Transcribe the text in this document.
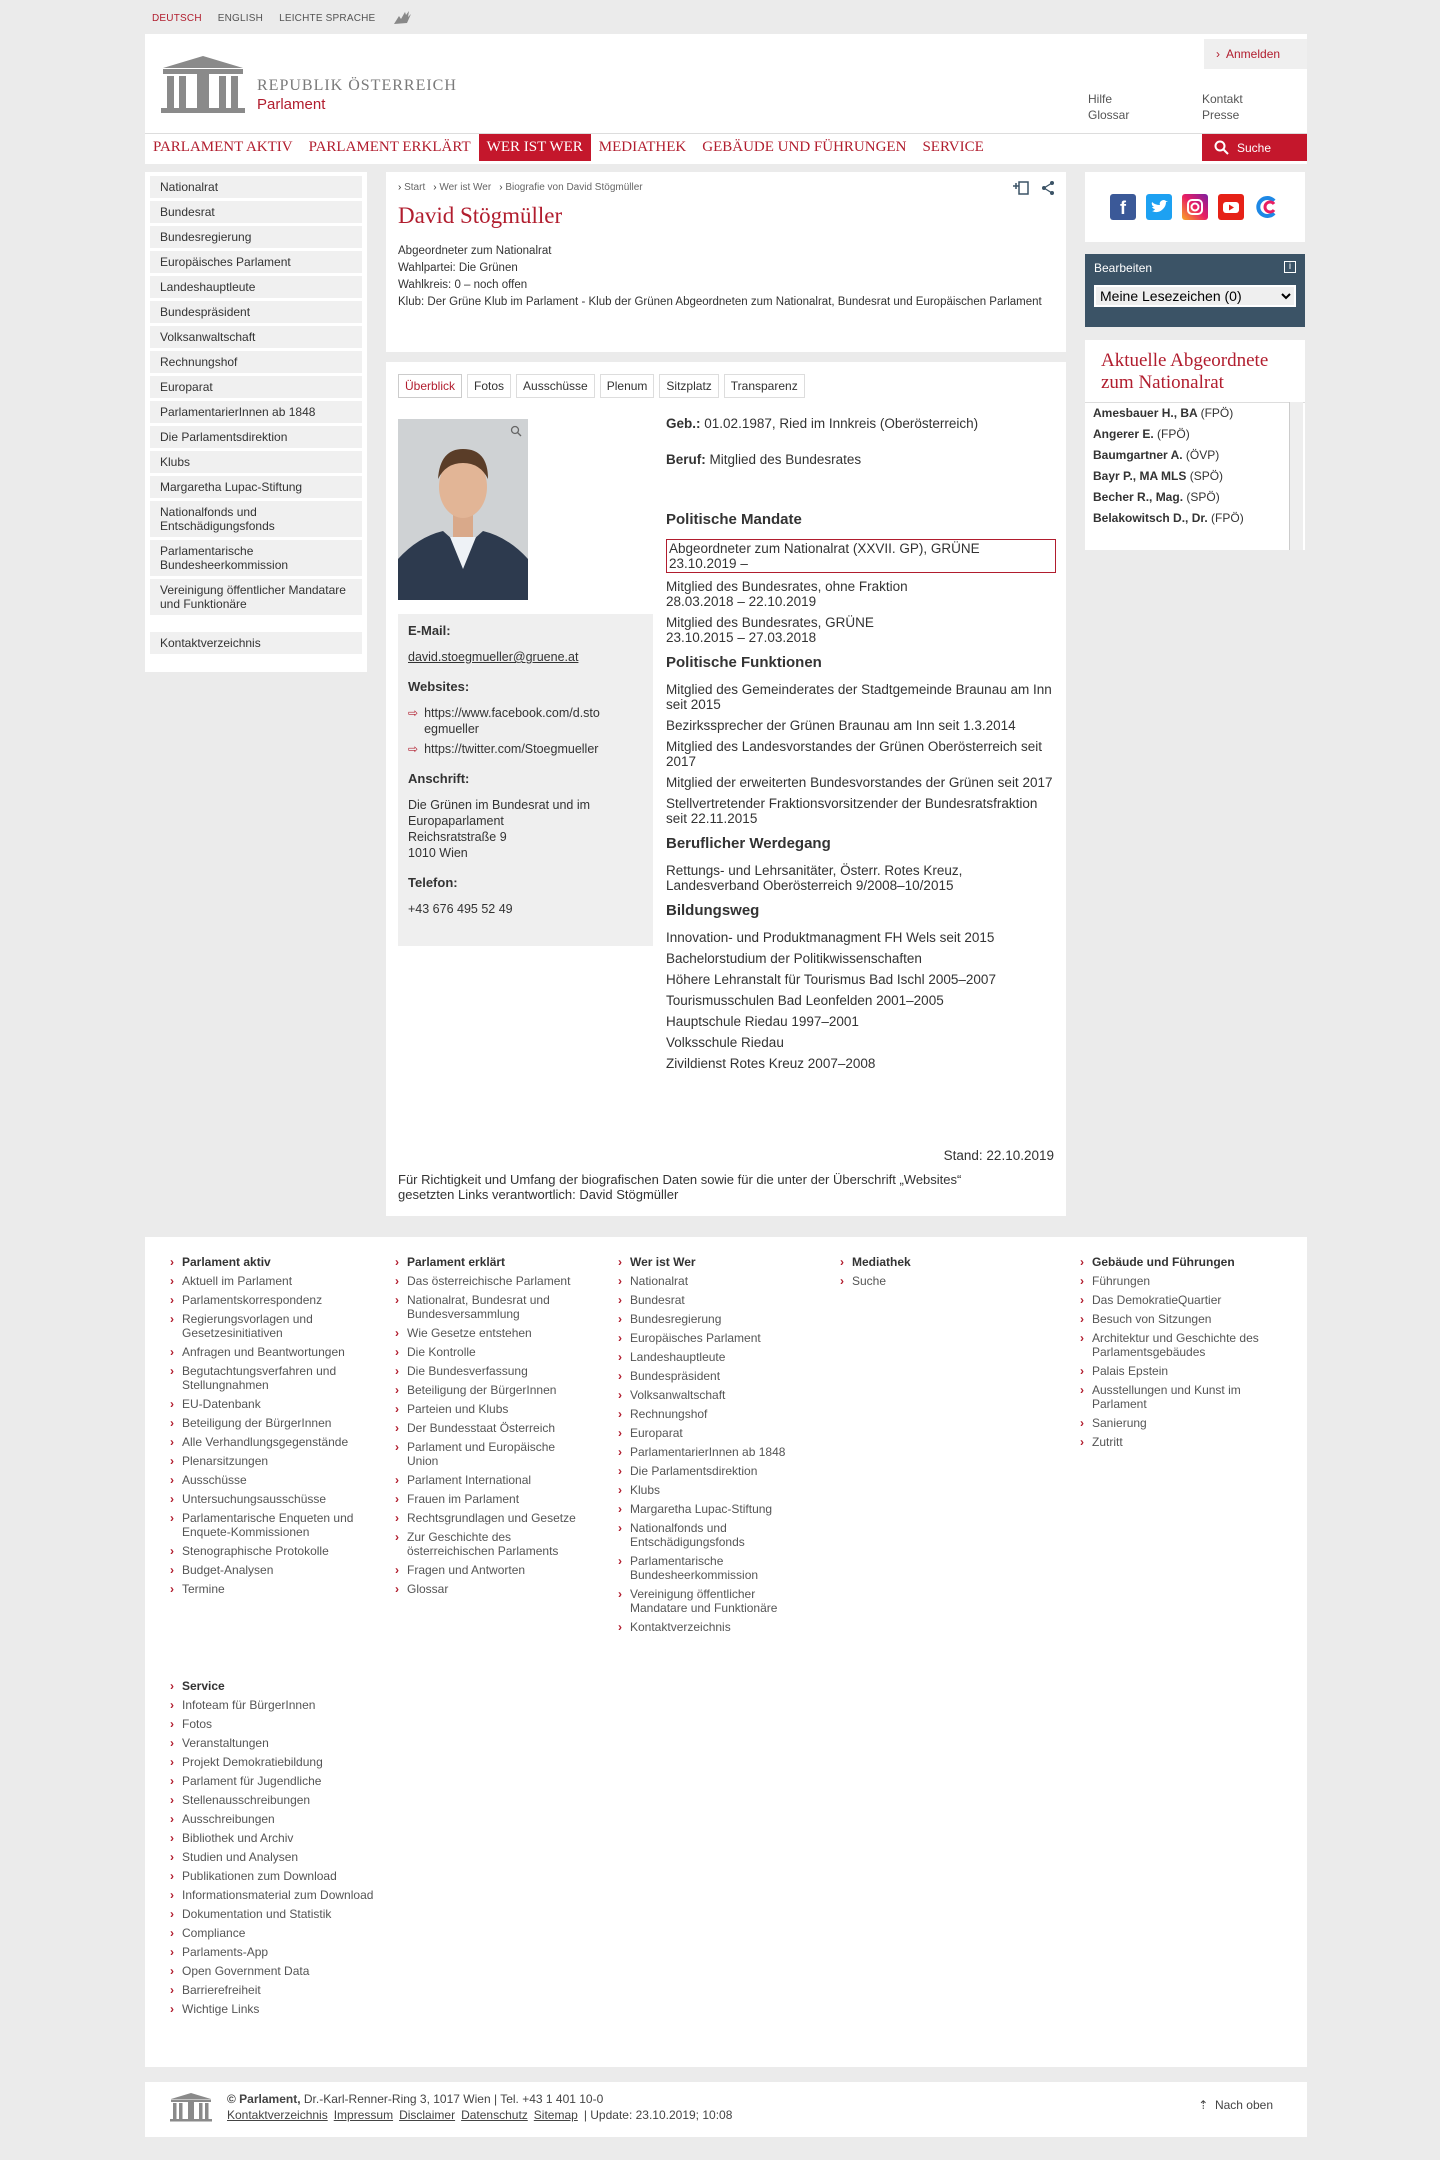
DEUTSCH ENGLISH LEICHTE SPRACHE
REPUBLIK ÖSTERREICH
Parlament
› Anmelden
Hilfe
Glossar
Kontakt
Presse
PARLAMENT AKTIV	PARLAMENT ERKLÄRT	WER IST WER	MEDIATHEK	GEBÄUDE UND FÜHRUNGEN	SERVICE	Suche
Nationalrat
Bundesrat
Bundesregierung
Europäisches Parlament
Landeshauptleute
Bundespräsident
Volksanwaltschaft
Rechnungshof
Europarat
ParlamentarierInnen ab 1848
Die Parlamentsdirektion
Klubs
Margaretha Lupac-Stiftung
Nationalfonds und Entschädigungsfonds
Parlamentarische Bundesheerkommission
Vereinigung öffentlicher Mandatare und Funktionäre
Kontaktverzeichnis
› Start	› Wer ist Wer	› Biografie von David Stögmüller
David Stögmüller
Abgeordneter zum Nationalrat
Wahlpartei: Die Grünen
Wahlkreis: 0 – noch offen
Klub: Der Grüne Klub im Parlament - Klub der Grünen Abgeordneten zum Nationalrat, Bundesrat und Europäischen Parlament
Überblick	Fotos	Ausschüsse	Plenum	Sitzplatz	Transparenz
E-Mail:
david.stoegmueller@gruene.at
Websites:
⇨ https://www.facebook.com/d.stoegmueller
⇨ https://twitter.com/Stoegmueller
Anschrift:
Die Grünen im Bundesrat und im Europaparlament
Reichsratstraße 9
1010 Wien
Telefon:
+43 676 495 52 49

Geb.: 01.02.1987, Ried im Innkreis (Oberösterreich)

Beruf: Mitglied des Bundesrates

Politische Mandate
Abgeordneter zum Nationalrat (XXVII. GP), GRÜNE
23.10.2019 –
Mitglied des Bundesrates, ohne Fraktion
28.03.2018 – 22.10.2019
Mitglied des Bundesrates, GRÜNE
23.10.2015 – 27.03.2018
Politische Funktionen
Mitglied des Gemeinderates der Stadtgemeinde Braunau am Inn seit 2015
Bezirkssprecher der Grünen Braunau am Inn seit 1.3.2014
Mitglied des Landesvorstandes der Grünen Oberösterreich seit 2017
Mitglied der erweiterten Bundesvorstandes der Grünen seit 2017
Stellvertretender Fraktionsvorsitzender der Bundesratsfraktion seit 22.11.2015
Beruflicher Werdegang
Rettungs- und Lehrsanitäter, Österr. Rotes Kreuz, Landesverband Oberösterreich 9/2008–10/2015
Bildungsweg
Innovation- und Produktmanagment FH Wels seit 2015
Bachelorstudium der Politikwissenschaften
Höhere Lehranstalt für Tourismus Bad Ischl 2005–2007
Tourismusschulen Bad Leonfelden 2001–2005
Hauptschule Riedau 1997–2001
Volksschule Riedau
Zivildienst Rotes Kreuz 2007–2008
Stand: 22.10.2019
Für Richtigkeit und Umfang der biografischen Daten sowie für die unter der Überschrift „Websites“ gesetzten Links verantwortlich: David Stögmüller
f
Bearbeiten	i
Meine Lesezeichen (0)
Aktuelle Abgeordnete zum Nationalrat
Amesbauer H., BA (FPÖ)
Angerer E. (FPÖ)
Baumgartner A. (ÖVP)
Bayr P., MA MLS (SPÖ)
Becher R., Mag. (SPÖ)
Belakowitsch D., Dr. (FPÖ)
› Parlament aktiv
› Aktuell im Parlament
› Parlamentskorrespondenz
› Regierungsvorlagen und Gesetzesinitiativen
› Anfragen und Beantwortungen
› Begutachtungsverfahren und Stellungnahmen
› EU-Datenbank
› Beteiligung der BürgerInnen
› Alle Verhandlungsgegenstände
› Plenarsitzungen
› Ausschüsse
› Untersuchungsausschüsse
› Parlamentarische Enqueten und Enquete-Kommissionen
› Stenographische Protokolle
› Budget-Analysen
› Termine
› Parlament erklärt
› Das österreichische Parlament
› Nationalrat, Bundesrat und Bundesversammlung
› Wie Gesetze entstehen
› Die Kontrolle
› Die Bundesverfassung
› Beteiligung der BürgerInnen
› Parteien und Klubs
› Der Bundesstaat Österreich
› Parlament und Europäische Union
› Parlament International
› Frauen im Parlament
› Rechtsgrundlagen und Gesetze
› Zur Geschichte des österreichischen Parlaments
› Fragen und Antworten
› Glossar
› Wer ist Wer
› Nationalrat
› Bundesrat
› Bundesregierung
› Europäisches Parlament
› Landeshauptleute
› Bundespräsident
› Volksanwaltschaft
› Rechnungshof
› Europarat
› ParlamentarierInnen ab 1848
› Die Parlamentsdirektion
› Klubs
› Margaretha Lupac-Stiftung
› Nationalfonds und Entschädigungsfonds
› Parlamentarische Bundesheerkommission
› Vereinigung öffentlicher Mandatare und Funktionäre
› Kontaktverzeichnis
› Mediathek
› Suche
› Gebäude und Führungen
› Führungen
› Das DemokratieQuartier
› Besuch von Sitzungen
› Architektur und Geschichte des Parlamentsgebäudes
› Palais Epstein
› Ausstellungen und Kunst im Parlament
› Sanierung
› Zutritt
› Service
› Infoteam für BürgerInnen
› Fotos
› Veranstaltungen
› Projekt Demokratiebildung
› Parlament für Jugendliche
› Stellenausschreibungen
› Ausschreibungen
› Bibliothek und Archiv
› Studien und Analysen
› Publikationen zum Download
› Informationsmaterial zum Download
› Dokumentation und Statistik
› Compliance
› Parlaments-App
› Open Government Data
› Barrierefreiheit
› Wichtige Links
© Parlament, Dr.-Karl-Renner-Ring 3, 1017 Wien | Tel. +43 1 401 10-0
Kontaktverzeichnis Impressum Disclaimer Datenschutz Sitemap | Update: 23.10.2019; 10:08
⇡ Nach oben
